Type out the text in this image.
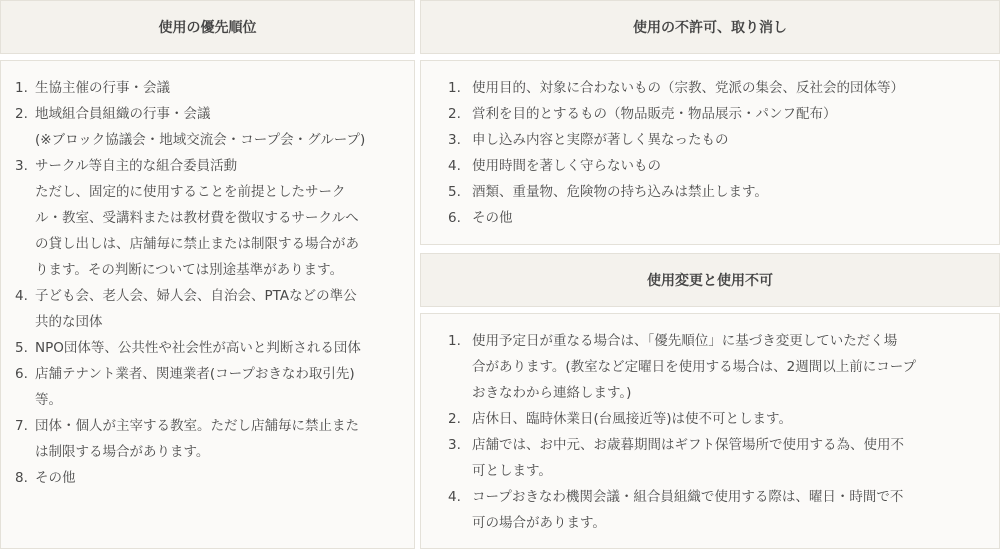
使用の優先順位
1. 生協主催の行事・会議
2. 地域組合員組織の行事・会議
(※ブロック協議会・地域交流会・コープ会・グループ)
3. サークル等自主的な組合委員活動
ただし、固定的に使用することを前提としたサーク
ル・教室、受講料または教材費を徴収するサークルへ
の貸し出しは、店舗毎に禁止または制限する場合があ
ります。その判断については別途基準があります。
4. 子ども会、老人会、婦人会、自治会、PTAなどの準公
共的な団体
5. NPO団体等、公共性や社会性が高いと判断される団体
6. 店舗テナント業者、関連業者(コープおきなわ取引先)
等。
7. 団体・個人が主宰する教室。ただし店舗毎に禁止また
は制限する場合があります。
8. その他
使用の不許可、取り消し
1. 使用目的、対象に合わないもの（宗教、党派の集会、反社会的団体等）
2. 営利を目的とするもの（物品販売・物品展示・パンフ配布）
3. 申し込み内容と実際が著しく異なったもの
4. 使用時間を著しく守らないもの
5. 酒類、重量物、危険物の持ち込みは禁止します。
6. その他
使用変更と使用不可
1. 使用予定日が重なる場合は、「優先順位」に基づき変更していただく場
合があります。(教室など定曜日を使用する場合は、2週間以上前にコープ
おきなわから連絡します。)
2. 店休日、臨時休業日(台風接近等)は使不可とします。
3. 店舗では、お中元、お歳暮期間はギフト保管場所で使用する為、使用不
可とします。
4. コープおきなわ機関会議・組合員組織で使用する際は、曜日・時間で不
可の場合があります。
